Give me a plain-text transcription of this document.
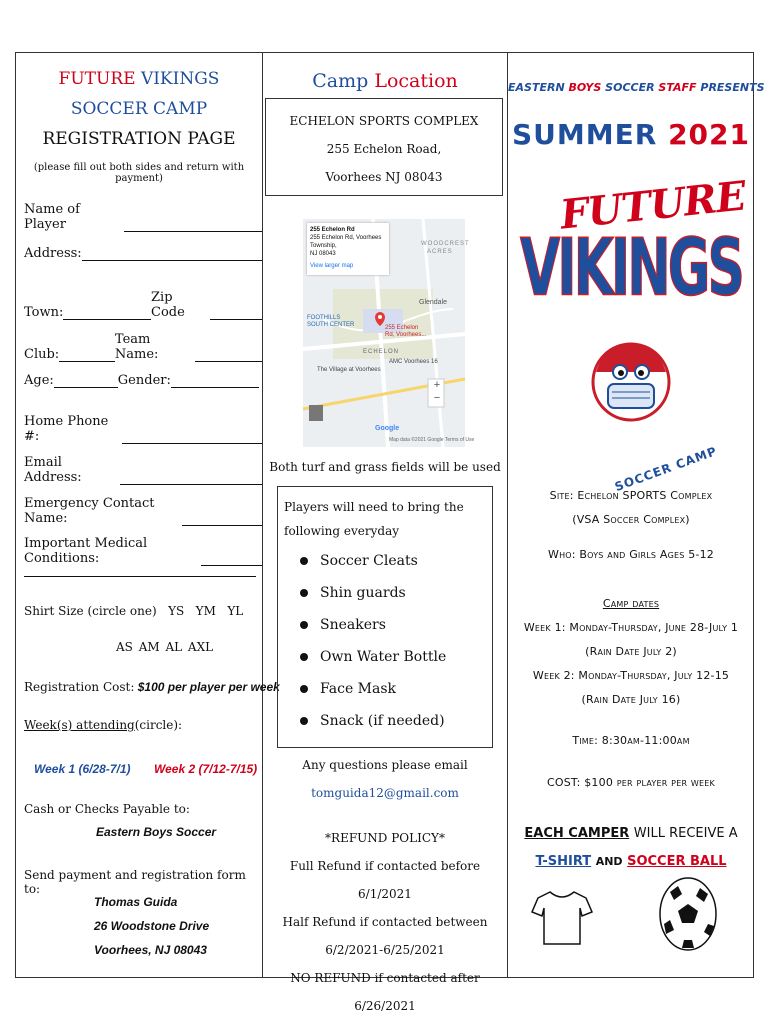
FUTURE VIKINGS
SOCCER CAMP
REGISTRATION PAGE
(please fill out both sides and return with payment)
Name of Player
Address:
Town:
Zip Code
Club:
Team Name:
Age:	Gender:
Home Phone #:
Email Address:
Emergency Contact Name:
Important Medical Conditions:
Shirt Size (circle one)   YS   YM   YL
AS AM AL AXL
Registration Cost: $100 per player per week
Week(s) attending(circle):
Week 1 (6/28-7/1) Week 2 (7/12-7/15)
Cash or Checks Payable to:
Eastern Boys Soccer
Send payment and registration form to:
Thomas Guida
26 Woodstone Drive
Voorhees, NJ 08043
Camp Location
ECHELON SPORTS COMPLEX
255 Echelon Road,
Voorhees NJ 08043
255 Echelon Rd
255 Echelon Rd, Voorhees Township,
NJ 08043
View larger map
WOODCREST
ACRES
Glendale
FOOTHILLS
SOUTH CENTER	255 Echelon
Rd, Voorhees...
ECHELON
AMC Voorhees 16
The Village at Voorhees
+
−
Google
Map data ©2021 Google Terms of Use
Both turf and grass fields will be used
Players will need to bring the following everyday
Soccer Cleats
Shin guards
Sneakers
Own Water Bottle
Face Mask
Snack (if needed)
Any questions please email
tomguida12@gmail.com
*REFUND POLICY*
Full Refund if contacted before 6/1/2021
Half Refund if contacted between
6/2/2021-6/25/2021
NO REFUND if contacted after 6/26/2021
EASTERN BOYS SOCCER STAFF PRESENTS
SUMMER 2021
FUTURE
VIKINGS
SOCCER CAMP
Site: Echelon SPORTS Complex
(VSA Soccer Complex)
Who: Boys and Girls Ages 5-12
Camp dates
Week 1: Monday-Thursday, June 28-July 1
(Rain Date July 2)
Week 2: Monday-Thursday, July 12-15
(Rain Date July 16)
Time: 8:30am-11:00am
COST: $100 per player per week
EACH CAMPER WILL RECEIVE A
T-SHIRT AND SOCCER BALL
